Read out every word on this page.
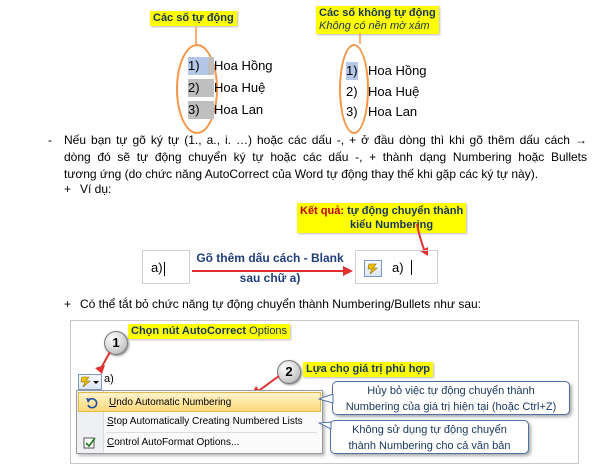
Các số tự động	Các số không tự động
Không có nền mờ xám
1) Hoa Hồng
2) Hoa Huệ
3) Hoa Lan
1) Hoa Hồng
2) Hoa Huệ
3) Hoa Lan
- Nếu bạn tự gõ ký tự (1., a., i. …) hoặc các dấu -, + ở đầu dòng thì khi gõ thêm dấu cách →
dòng đó sẽ tự động chuyển ký tự hoặc các dấu -, + thành dạng Numbering hoặc Bullets
tương ứng (do chức năng AutoCorrect của Word tự động thay thế khi gặp các ký tự này).
+ Ví dụ:
Kết quả: tự động chuyển thành
kiểu Numbering
a)
Gõ thêm dấu cách - Blank
sau chữ a)
a)
+ Có thể tắt bỏ chức năng tự động chuyển thành Numbering/Bullets như sau:
Chọn nút AutoCorrect Options
1
Lựa chọ giá trị phù hợp
2
a)
Undo Automatic Numbering
Stop Automatically Creating Numbered Lists
Control AutoFormat Options...
Hủy bỏ việc tự động chuyển thành
Numbering của giá trị hiện tại (hoặc Ctrl+Z)
Không sử dụng tự động chuyển
thành Numbering cho cả văn bản
